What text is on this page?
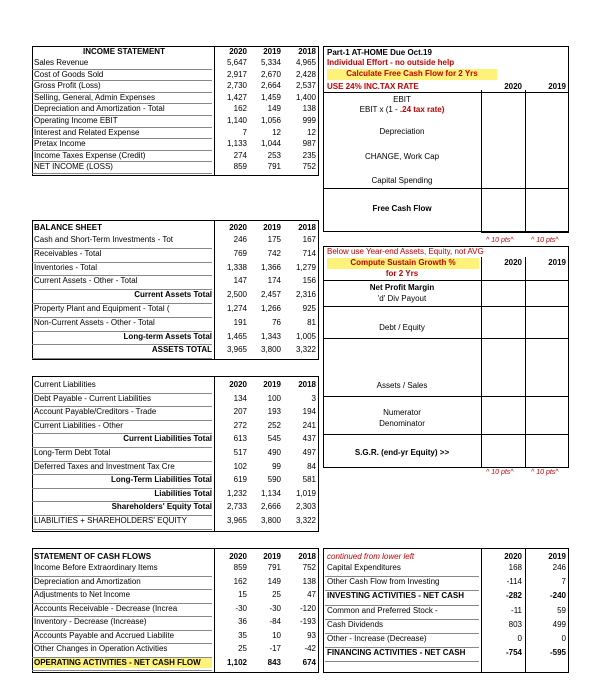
INCOME STATEMENT	2020	2019	2018
Sales Revenue	5,647	5,334	4,965
Cost of Goods Sold	2,917	2,670	2,428
Gross Profit (Loss)	2,730	2,664	2,537
Selling, General, Admin Expenses	1,427	1,459	1,400
Depreciation and Amortization - Total	162	149	138
Operating Income EBIT	1,140	1,056	999
Interest and Related Expense	7	12	12
Pretax Income	1,133	1,044	987
Income Taxes Expense (Credit)	274	253	235
NET INCOME (LOSS)	859	791	752
BALANCE SHEET	2020	2019	2018
Cash and Short-Term Investments - Tot	246	175	167
Receivables - Total	769	742	714
Inventories - Total	1,338	1,366	1,279
Current Assets - Other - Total	147	174	156
Current Assets Total	2,500	2,457	2,316
Property Plant and Equipment - Total (	1,274	1,266	925
Non-Current Assets - Other - Total	191	76	81
Long-term Assets Total	1,465	1,343	1,005
ASSETS TOTAL	3,965	3,800	3,322
2020	2019	2018
Current Liabilities
Debt Payable - Current Liabilities	134	100	3
Account Payable/Creditors - Trade	207	193	194
Current Liabilities - Other	272	252	241
Current Liabilities Total	613	545	437
Long-Term Debt Total	517	490	497
Deferred Taxes and Investment Tax Cre	102	99	84
Long-Term Liabilities Total	619	590	581
Liabilities Total	1,232	1,134	1,019
Shareholders' Equity Total	2,733	2,666	2,303
LIABILITIES + SHAREHOLDERS' EQUITY	3,965	3,800	3,322
STATEMENT OF CASH FLOWS	2020	2019	2018
Income Before Extraordinary Items	859	791	752
Depreciation and Amortization	162	149	138
Adjustments to Net Income	15	25	47
Accounts Receivable - Decrease (Increa	-30	-30	-120
Inventory - Decrease (Increase)	36	-84	-193
Accounts Payable and Accrued Liabilite	35	10	93
Other Changes in Operation Activities	25	-17	-42
OPERATING ACTIVITIES - NET CASH FLOW	1,102	843	674
continued from lower left	2020	2019
Capital Expenditures	168	246
Other Cash Flow from Investing	-114	7
INVESTING ACTIVITIES - NET CASH	-282	-240
Common and Preferred Stock -	-11	59
Cash Dividends	803	499
Other - Increase (Decrease)	0	0
FINANCING ACTIVITIES - NET CASH	-754	-595
Part-1 AT-HOME Due Oct.19
Individual Effort - no outside help
Calculate Free Cash Flow for 2 Yrs
USE 24% INC.TAX RATE	2020	2019
EBIT
EBIT x (1 - .24 tax rate)
Depreciation
CHANGE, Work Cap
Capital Spending
Free Cash Flow
^ 10 pts^	^ 10 pts^
Below use Year-end Assets, Equity, not AVG
Compute Sustain Growth %	2020	2019
for 2 Yrs
Net Profit Margin
'd' Div Payout
Debt / Equity
Assets / Sales
Numerator
Denominator
S.G.R. (end-yr Equity) >>
^ 10 pts^	^ 10 pts^
